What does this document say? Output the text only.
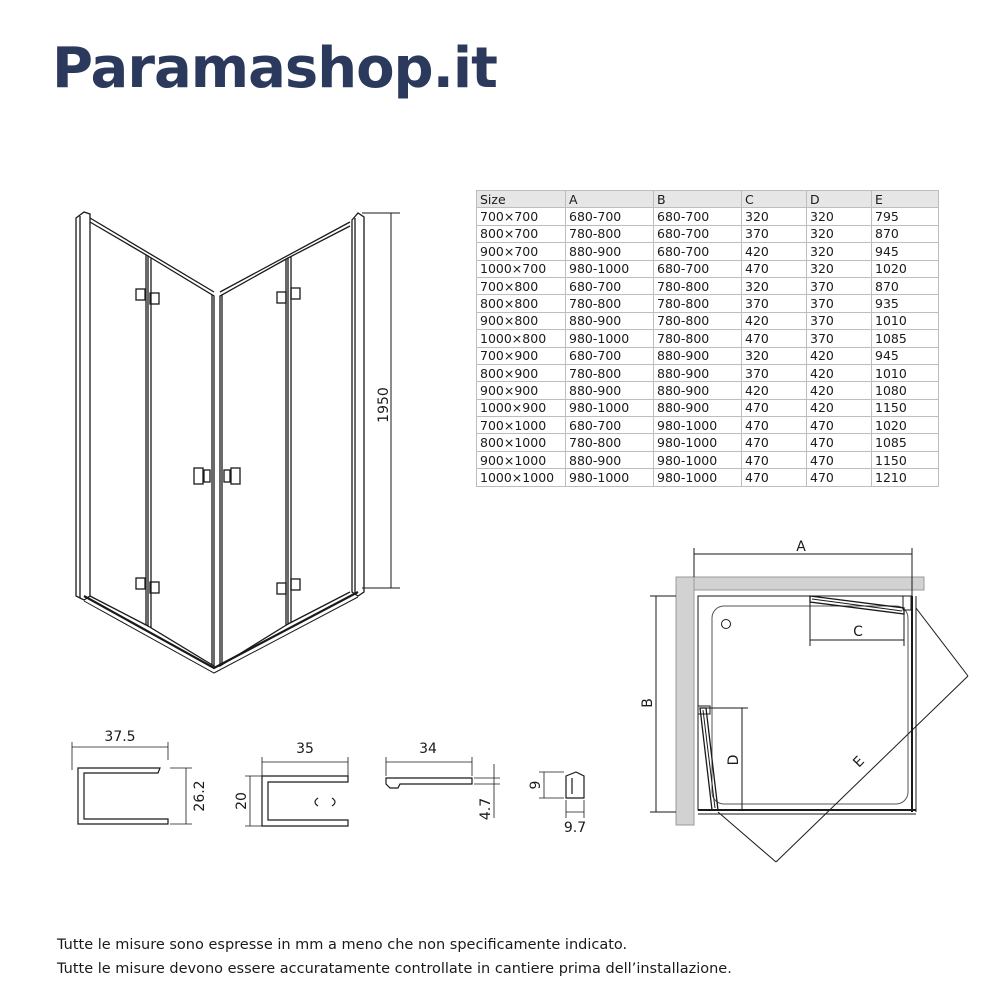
Paramashop.it
Size	A	B	C	D	E
700×700	680-700	680-700	320	320	795
800×700	780-800	680-700	370	320	870
900×700	880-900	680-700	420	320	945
1000×700	980-1000	680-700	470	320	1020
700×800	680-700	780-800	320	370	870
800×800	780-800	780-800	370	370	935
900×800	880-900	780-800	420	370	1010
1000×800	980-1000	780-800	470	370	1085
700×900	680-700	880-900	320	420	945
800×900	780-800	880-900	370	420	1010
900×900	880-900	880-900	420	420	1080
1000×900	980-1000	880-900	470	420	1150
700×1000	680-700	980-1000	470	470	1020
800×1000	780-800	980-1000	470	470	1085
900×1000	880-900	980-1000	470	470	1150
1000×1000	980-1000	980-1000	470	470	1210
1950
A
B
C
D	E
37.5
26.2
35
20
34
4.7
9
9.7
Tutte le misure sono espresse in mm a meno che non specificamente indicato.
Tutte le misure devono essere accuratamente controllate in cantiere prima dell’installazione.
